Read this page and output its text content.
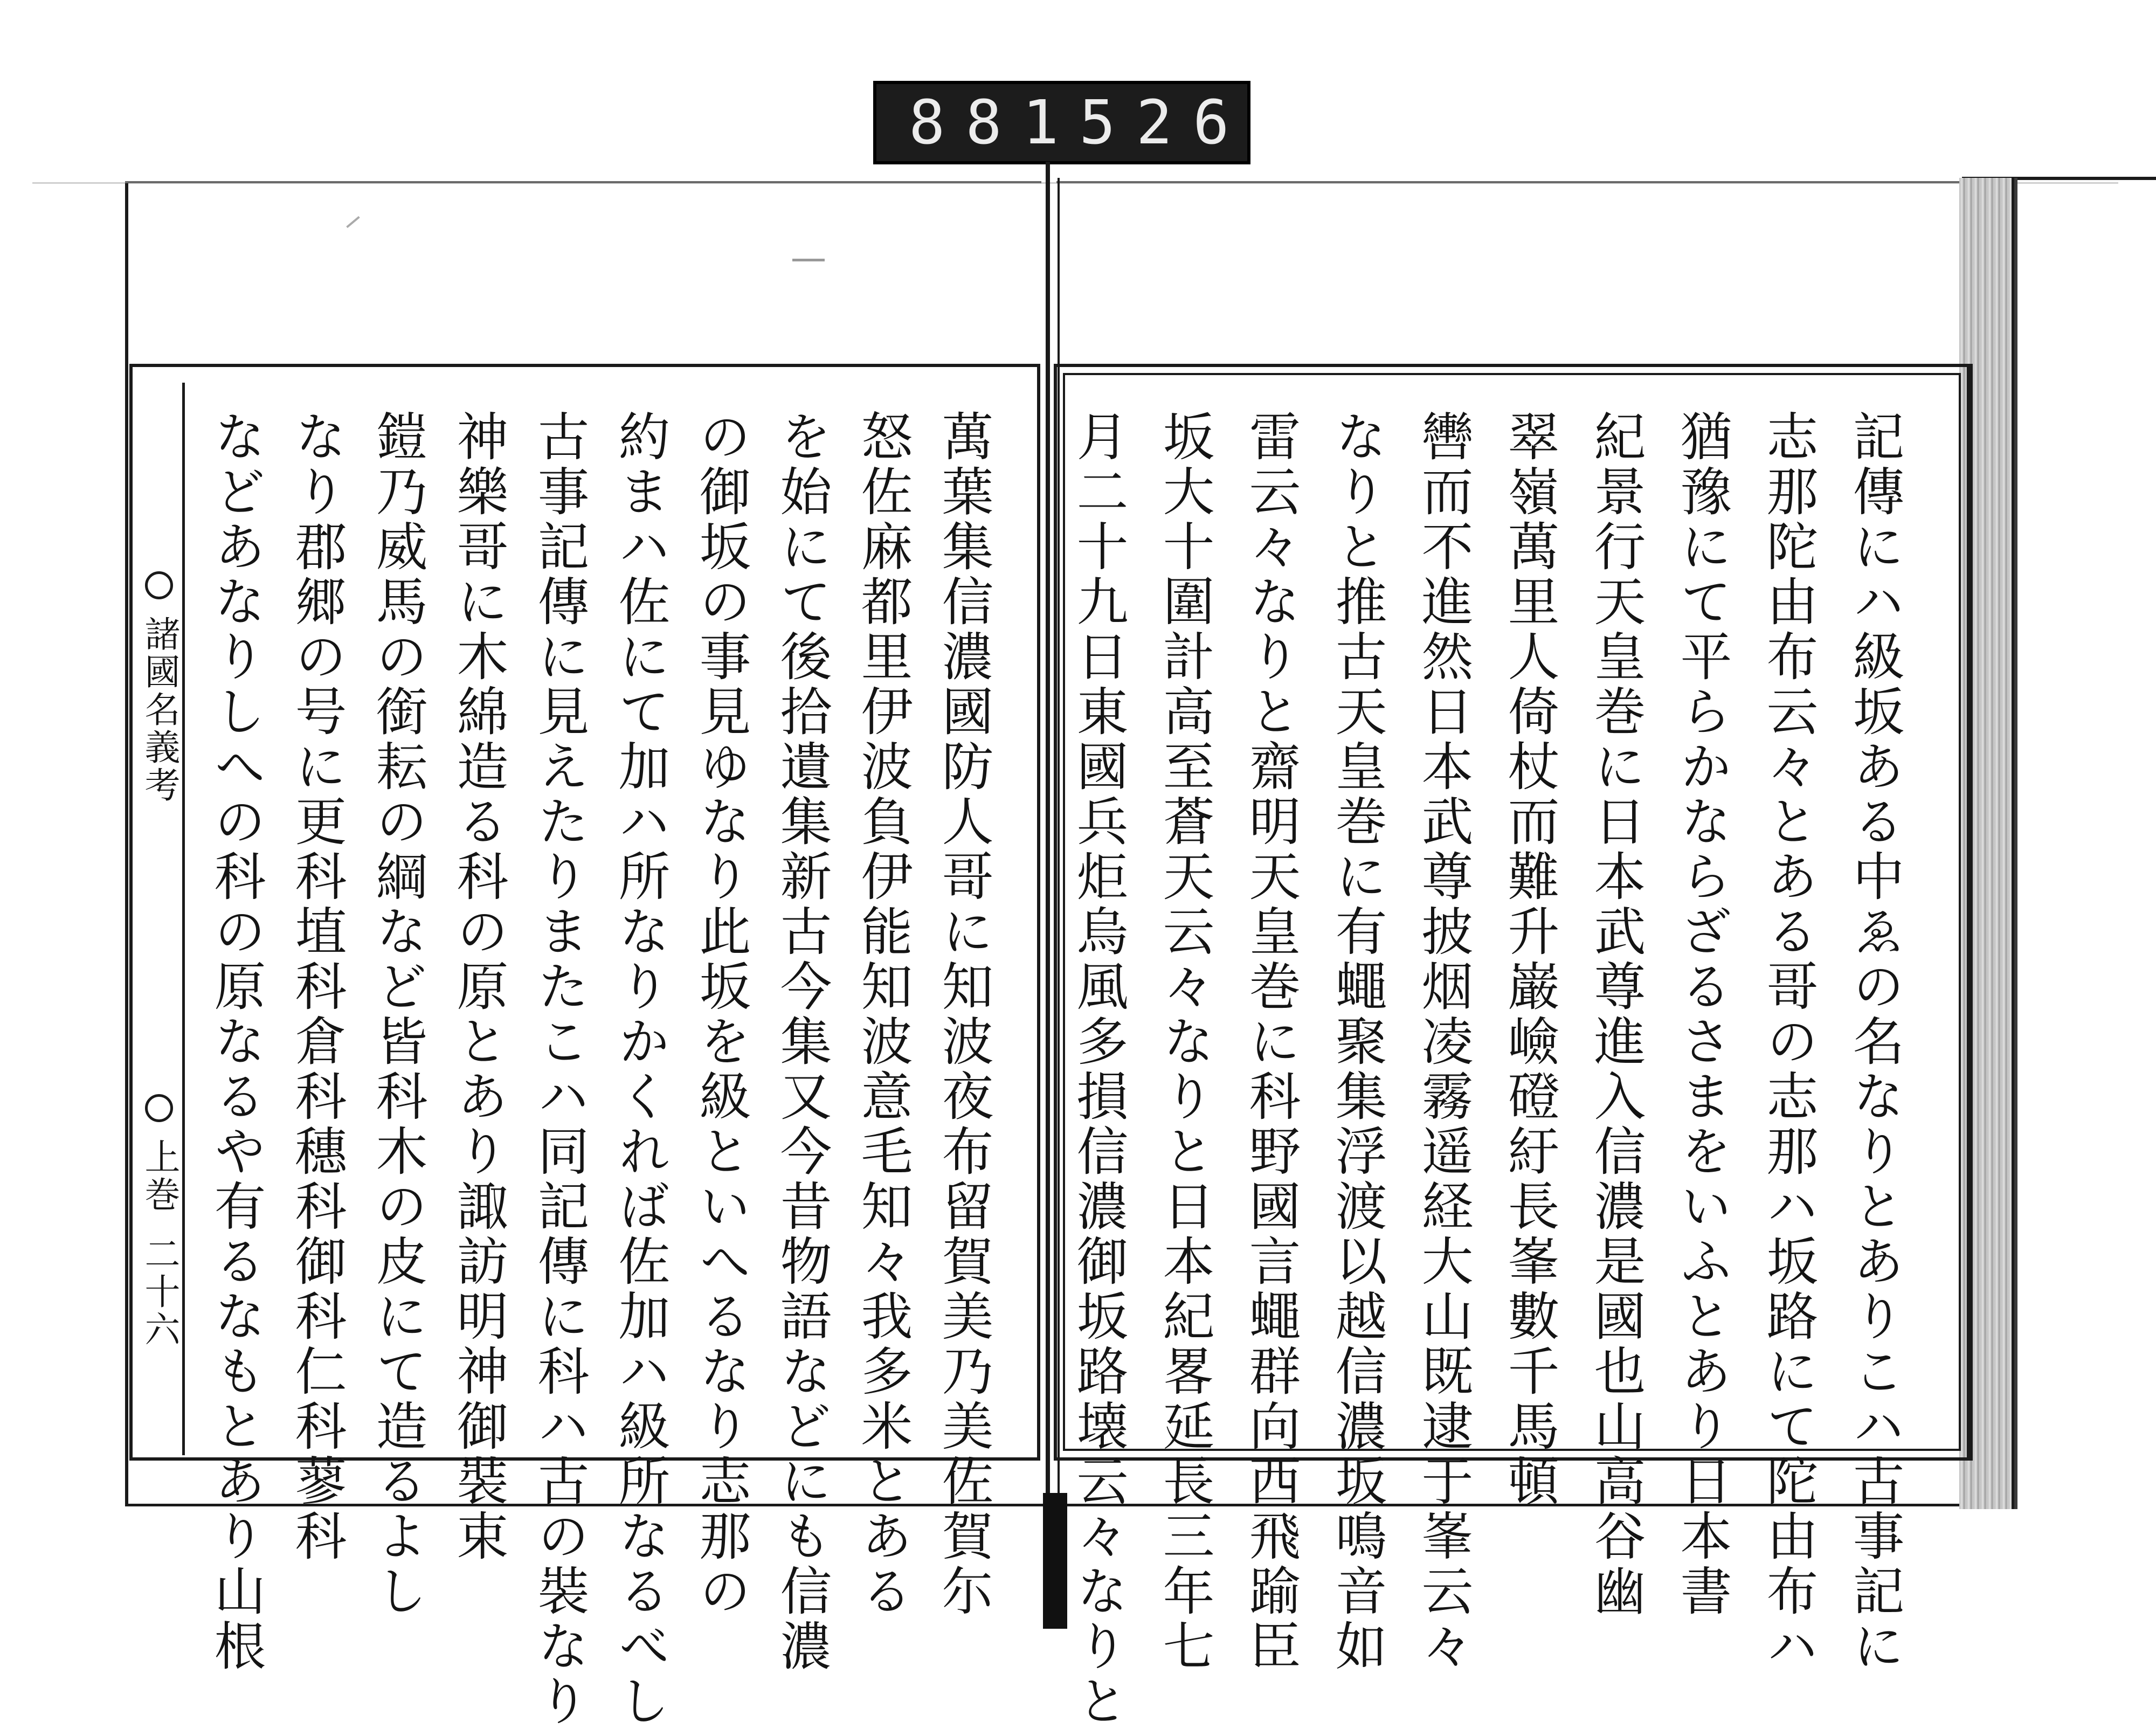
881 526
記傳にハ級坂ある中ゑの名なりとありこハ古事記に
志那陀由布云々とある哥の志那ハ坂路にて陀由布ハ
猶豫にて平らかならざるさまをいふとあり日本書
紀景行天皇巻に日本武尊進入信濃是國也山高谷幽
翠嶺萬里人倚杖而難升巌嶮磴紆長峯數千馬頓
轡而不進然日本武尊披烟凌霧遥経大山既逮于峯云々
なりと推古天皇巻に有蠅聚集浮渡以越信濃坂鳴音如
雷云々なりと齋明天皇巻に科野國言蠅群向西飛踰臣
坂大十圍計高至蒼天云々なりと日本紀畧延長三年七
月二十九日東國兵炬烏風多損信濃御坂路壊云々なりと
萬葉集信濃國防人哥に知波夜布留賀美乃美佐賀尓
怒佐麻都里伊波負伊能知波意毛知々我多米とある
を始にて後拾遺集新古今集又今昔物語などにも信濃
の御坂の事見ゆなり此坂を級といへるなり志那の
約まハ佐にて加ハ所なりかくれば佐加ハ級所なるべし
古事記傳に見えたりまたこハ同記傳に科ハ古の裝なり
神樂哥に木綿造る科の原とあり諏訪明神御裝束
鎧乃威馬の銜耘の綱など皆科木の皮にて造るよし
なり郡郷の号に更科埴科倉科穗科御科仁科蓼科
などあなりしへの科の原なるや有るなもとあり山根
諸國名義考
上巻
二十六
